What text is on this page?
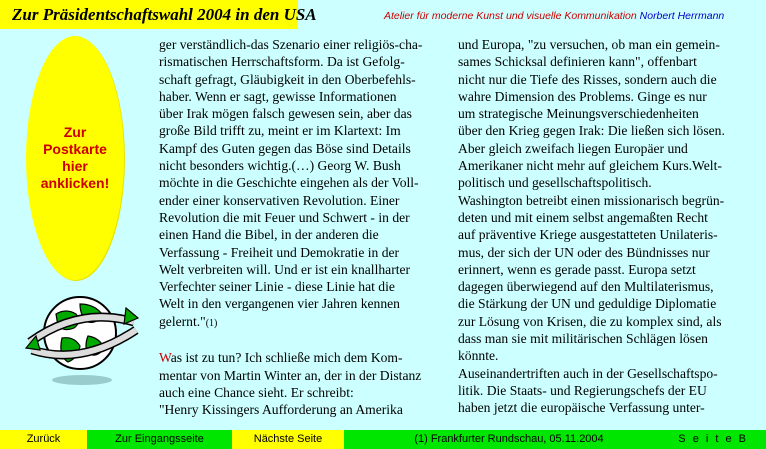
Zur Präsidentschaftswahl 2004 in den USA	Atelier für moderne Kunst und visuelle Kommunikation Norbert Herrmann
Zur
Postkarte
hier
anklicken!
ger verständlich-das Szenario einer religiös-cha-
rismatischen Herrschaftsform. Da ist Gefolg-
schaft gefragt, Gläubigkeit in den Oberbefehls-
haber. Wenn er sagt, gewisse Informationen
über Irak mögen falsch gewesen sein, aber das
große Bild trifft zu, meint er im Klartext: Im
Kampf des Guten gegen das Böse sind Details
nicht besonders wichtig.(…) Georg W. Bush
möchte in die Geschichte eingehen als der Voll-
ender einer konservativen Revolution. Einer
Revolution die mit Feuer und Schwert - in der
einen Hand die Bibel, in der anderen die
Verfassung - Freiheit und Demokratie in der
Welt verbreiten will. Und er ist ein knallharter
Verfechter seiner Linie - diese Linie hat die
Welt in den vergangenen vier Jahren kennen
gelernt."(1)
Was ist zu tun? Ich schließe mich dem Kom-
mentar von Martin Winter an, der in der Distanz
auch eine Chance sieht. Er schreibt:
"Henry Kissingers Aufforderung an Amerika
und Europa, "zu versuchen, ob man ein gemein-
sames Schicksal definieren kann", offenbart
nicht nur die Tiefe des Risses, sondern auch die
wahre Dimension des Problems. Ginge es nur
um strategische Meinungsverschiedenheiten
über den Krieg gegen Irak: Die ließen sich lösen.
Aber gleich zweifach liegen Europäer und
Amerikaner nicht mehr auf gleichem Kurs.Welt-
politisch und gesellschaftspolitisch.
Washington betreibt einen missionarisch begrün-
deten und mit einem selbst angemaßten Recht
auf präventive Kriege ausgestatteten Unilateris-
mus, der sich der UN oder des Bündnisses nur
erinnert, wenn es gerade passt. Europa setzt
dagegen überwiegend auf den Multilaterismus,
die Stärkung der UN und geduldige Diplomatie
zur Lösung von Krisen, die zu komplex sind, als
dass man sie mit militärischen Schlägen lösen
könnte.
Auseinandertriften auch in der Gesellschaftspo-
litik. Die Staats- und Regierungschefs der EU
haben jetzt die europäische Verfassung unter-
Zurück	Zur Eingangsseite	Nächste Seite	(1) Frankfurter Rundschau, 05.11.2004	S e i t e B
